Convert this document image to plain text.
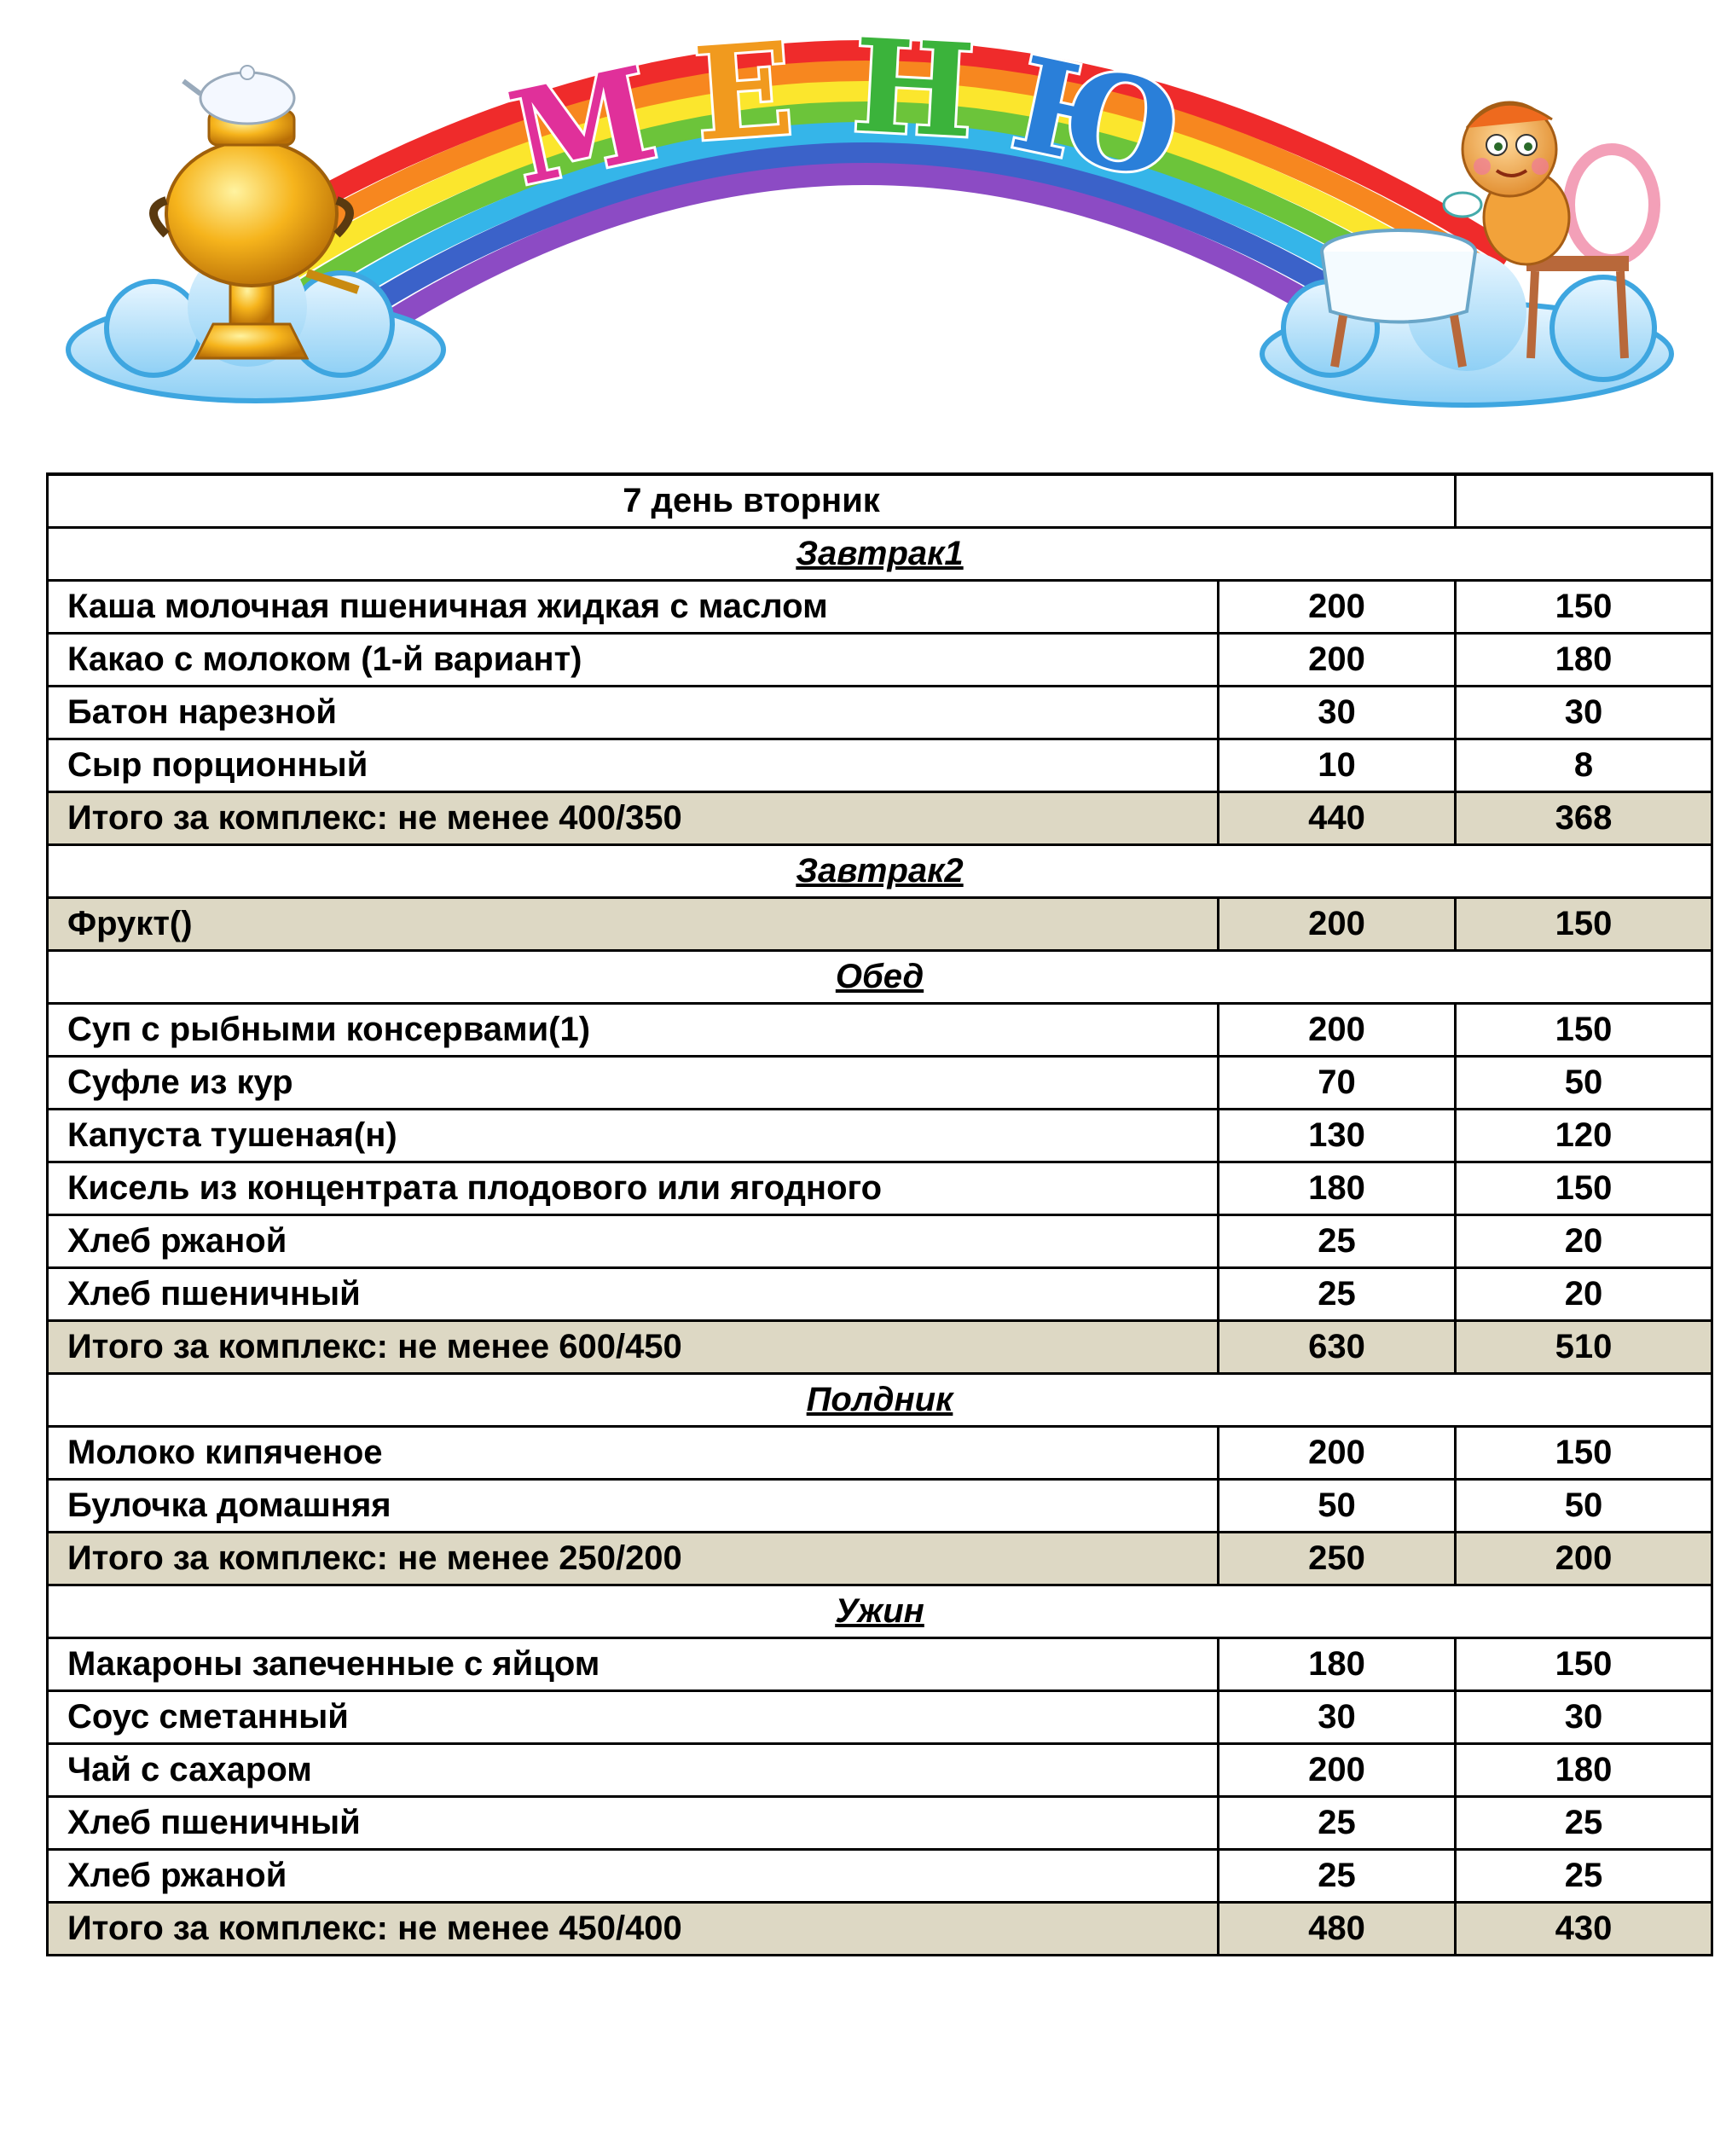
М Е Н Ю
7 день вторник		
Завтрак1		
Каша молочная пшеничная жидкая с маслом	200	150
Какао с молоком (1-й вариант)	200	180
Батон нарезной	30	30
Сыр порционный	10	8
Итого за комплекс: не менее 400/350	440	368
Завтрак2		
Фрукт()	200	150
Обед		
Суп с рыбными консервами(1)	200	150
Суфле из кур	70	50
Капуста тушеная(н)	130	120
Кисель из концентрата плодового или ягодного	180	150
Хлеб ржаной	25	20
Хлеб пшеничный	25	20
Итого за комплекс: не менее 600/450	630	510
Полдник		
Молоко кипяченое	200	150
Булочка домашняя	50	50
Итого за комплекс: не менее 250/200	250	200
Ужин		
Макароны запеченные с яйцом	180	150
Соус сметанный	30	30
Чай с сахаром	200	180
Хлеб пшеничный	25	25
Хлеб ржаной	25	25
Итого за комплекс: не менее 450/400	480	430
